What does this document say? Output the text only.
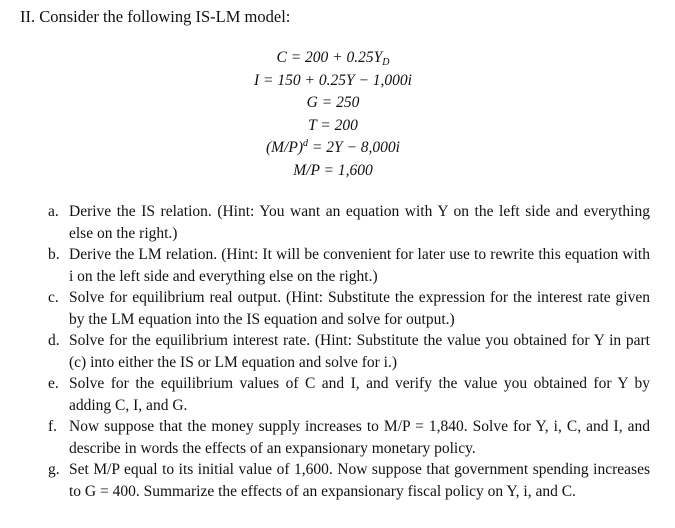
II. Consider the following IS-LM model:
$C = 200 + 0.25Y_D$
I = 150 + 0.25Y − 1,000i
G = 250
T = 200
$(M/P)^d = 2Y - 8,000i$
M/P = 1,600
a. Derive the IS relation. (Hint: You want an equation with Y on the left side and everything else on the right.)
b. Derive the LM relation. (Hint: It will be convenient for later use to rewrite this equation with i on the left side and everything else on the right.)
c. Solve for equilibrium real output. (Hint: Substitute the expression for the interest rate given by the LM equation into the IS equation and solve for output.)
d. Solve for the equilibrium interest rate. (Hint: Substitute the value you obtained for Y in part (c) into either the IS or LM equation and solve for i.)
e. Solve for the equilibrium values of C and I, and verify the value you obtained for Y by adding C, I, and G.
f. Now suppose that the money supply increases to M/P = 1,840. Solve for Y, i, C, and I, and describe in words the effects of an expansionary monetary policy.
g. Set M/P equal to its initial value of 1,600. Now suppose that government spending increases to G = 400. Summarize the effects of an expansionary fiscal policy on Y, i, and C.
